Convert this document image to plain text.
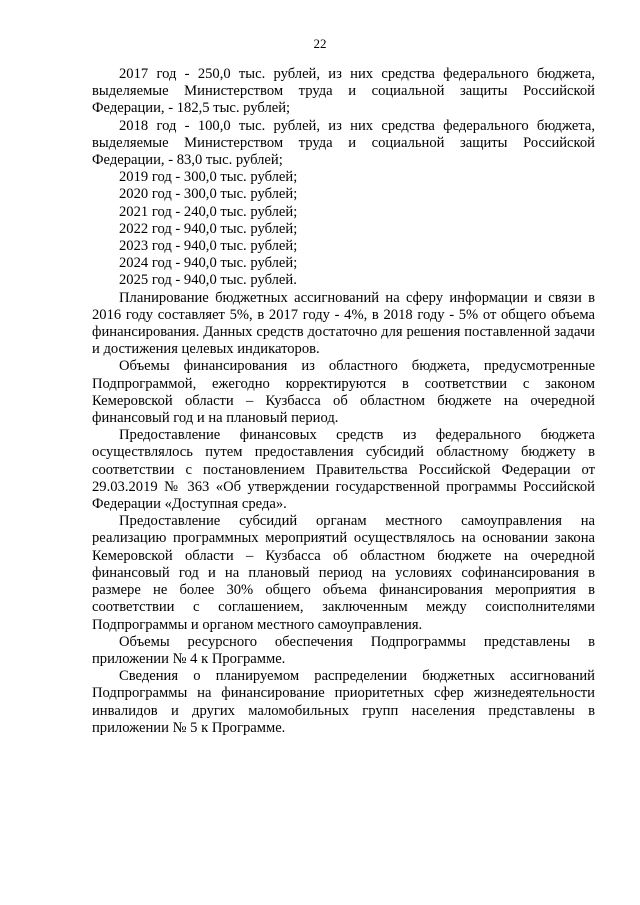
22

2017 год - 250,0 тыс. рублей, из них средства федерального бюджета, выделяемые Министерством труда и социальной защиты Российской Федерации, - 182,5 тыс. рублей;

2018 год - 100,0 тыс. рублей, из них средства федерального бюджета, выделяемые Министерством труда и социальной защиты Российской Федерации, - 83,0 тыс. рублей;

2019 год - 300,0 тыс. рублей;

2020 год - 300,0 тыс. рублей;

2021 год - 240,0 тыс. рублей;

2022 год - 940,0 тыс. рублей;

2023 год - 940,0 тыс. рублей;

2024 год - 940,0 тыс. рублей;

2025 год - 940,0 тыс. рублей.

Планирование бюджетных ассигнований на сферу информации и связи в 2016 году составляет 5%, в 2017 году - 4%, в 2018 году - 5% от общего объема финансирования. Данных средств достаточно для решения поставленной задачи и достижения целевых индикаторов.

Объемы финансирования из областного бюджета, предусмотренные Подпрограммой, ежегодно корректируются в соответствии с законом Кемеровской области – Кузбасса об областном бюджете на очередной финансовый год и на плановый период.

Предоставление финансовых средств из федерального бюджета осуществлялось путем предоставления субсидий областному бюджету в соответствии с постановлением Правительства Российской Федерации от 29.03.2019 № 363 «Об утверждении государственной программы Российской Федерации «Доступная среда».

Предоставление субсидий органам местного самоуправления на реализацию программных мероприятий осуществлялось на основании закона Кемеровской области – Кузбасса об областном бюджете на очередной финансовый год и на плановый период на условиях софинансирования в размере не более 30% общего объема финансирования мероприятия в соответствии с соглашением, заключенным между соисполнителями Подпрограммы и органом местного самоуправления.

Объемы ресурсного обеспечения Подпрограммы представлены в приложении № 4 к Программе.

Сведения о планируемом распределении бюджетных ассигнований Подпрограммы на финансирование приоритетных сфер жизнедеятельности инвалидов и других маломобильных групп населения представлены в приложении № 5 к Программе.
